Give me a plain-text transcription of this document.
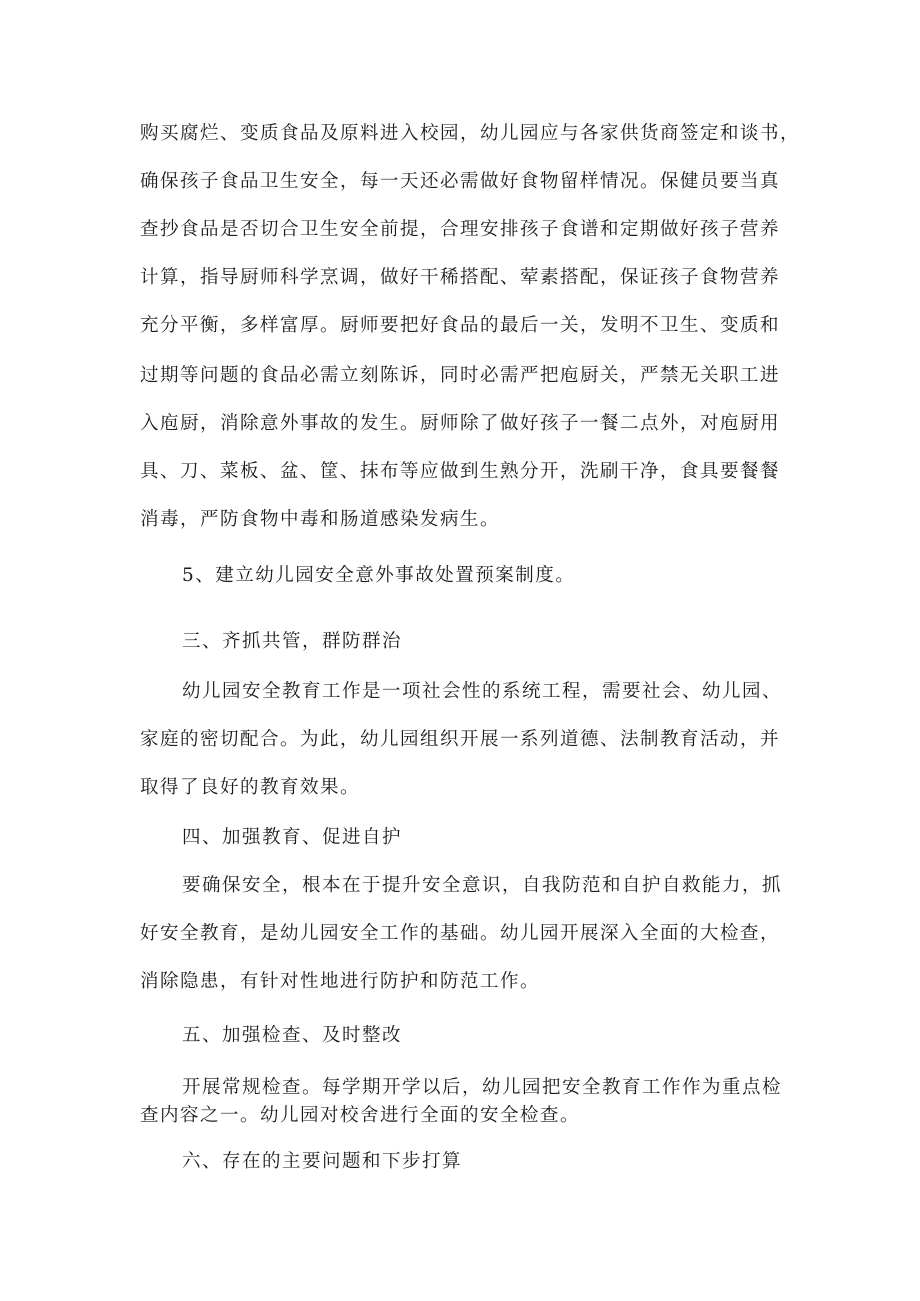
购买腐烂、变质食品及原料进入校园，幼儿园应与各家供货商签定和谈书，
确保孩子食品卫生安全，每一天还必需做好食物留样情况。保健员要当真
查抄食品是否切合卫生安全前提，合理安排孩子食谱和定期做好孩子营养
计算，指导厨师科学烹调，做好干稀搭配、荤素搭配，保证孩子食物营养
充分平衡，多样富厚。厨师要把好食品的最后一关，发明不卫生、变质和
过期等问题的食品必需立刻陈诉，同时必需严把庖厨关，严禁无关职工进
入庖厨，消除意外事故的发生。厨师除了做好孩子一餐二点外，对庖厨用
具、刀、菜板、盆、筐、抹布等应做到生熟分开，洗刷干净，食具要餐餐
消毒，严防食物中毒和肠道感染发病生。
5、建立幼儿园安全意外事故处置预案制度。
三、齐抓共管，群防群治
幼儿园安全教育工作是一项社会性的系统工程，需要社会、幼儿园、
家庭的密切配合。为此，幼儿园组织开展一系列道德、法制教育活动，并
取得了良好的教育效果。
四、加强教育、促进自护
要确保安全，根本在于提升安全意识，自我防范和自护自救能力，抓
好安全教育，是幼儿园安全工作的基础。幼儿园开展深入全面的大检查，
消除隐患，有针对性地进行防护和防范工作。
五、加强检查、及时整改
开展常规检查。每学期开学以后，幼儿园把安全教育工作作为重点检
查内容之一。幼儿园对校舍进行全面的安全检查。
六、存在的主要问题和下步打算
